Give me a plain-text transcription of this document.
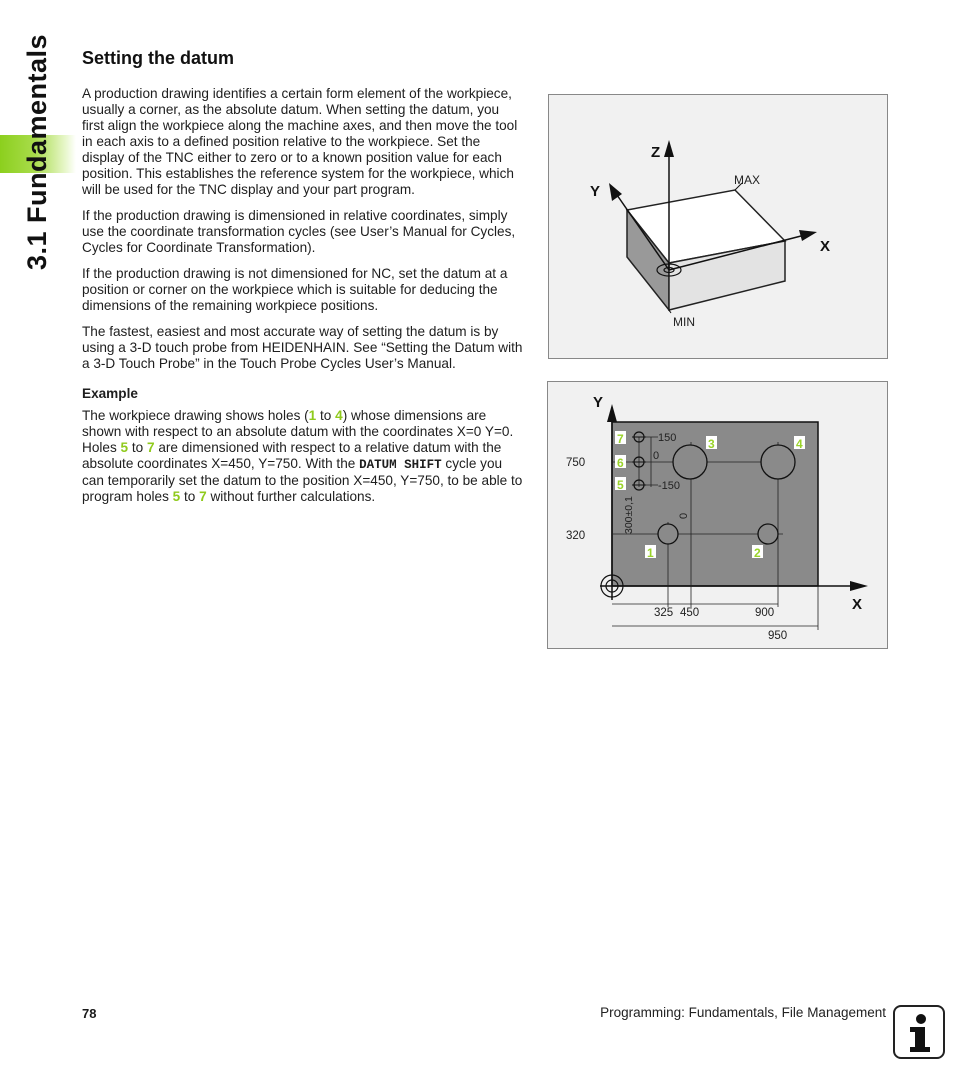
3.1 Fundamentals Setting the datum

A production drawing identifies a certain form element of the workpiece, usually a corner, as the absolute datum. When setting the datum, you first align the workpiece along the machine axes, and then move the tool in each axis to a defined position relative to the workpiece. Set the display of the TNC either to zero or to a known position value for each position. This establishes the reference system for the workpiece, which will be used for the TNC display and your part program.

If the production drawing is dimensioned in relative coordinates, simply use the coordinate transformation cycles (see User’s Manual for Cycles, Cycles for Coordinate Transformation).

If the production drawing is not dimensioned for NC, set the datum at a position or corner on the workpiece which is suitable for deducing the dimensions of the remaining workpiece positions.

The fastest, easiest and most accurate way of setting the datum is by using a 3-D touch probe from HEIDENHAIN. See “Setting the Datum with a 3-D Touch Probe” in the Touch Probe Cycles User’s Manual.

Example

The workpiece drawing shows holes (1 to 4) whose dimensions are shown with respect to an absolute datum with the coordinates X=0 Y=0. Holes 5 to 7 are dimensioned with respect to a relative datum with the absolute coordinates X=450, Y=750. With the DATUM SHIFT cycle you can temporarily set the datum to the position X=450, Y=750, to be able to program holes 5 to 7 without further calculations.

Z
Y
X
MAX
MIN
1	2
3	4
5
6
7
Y
X
750
320
325 450	900
950
150
0
-150
300±0,1	0
78	Programming: Fundamentals, File Management
